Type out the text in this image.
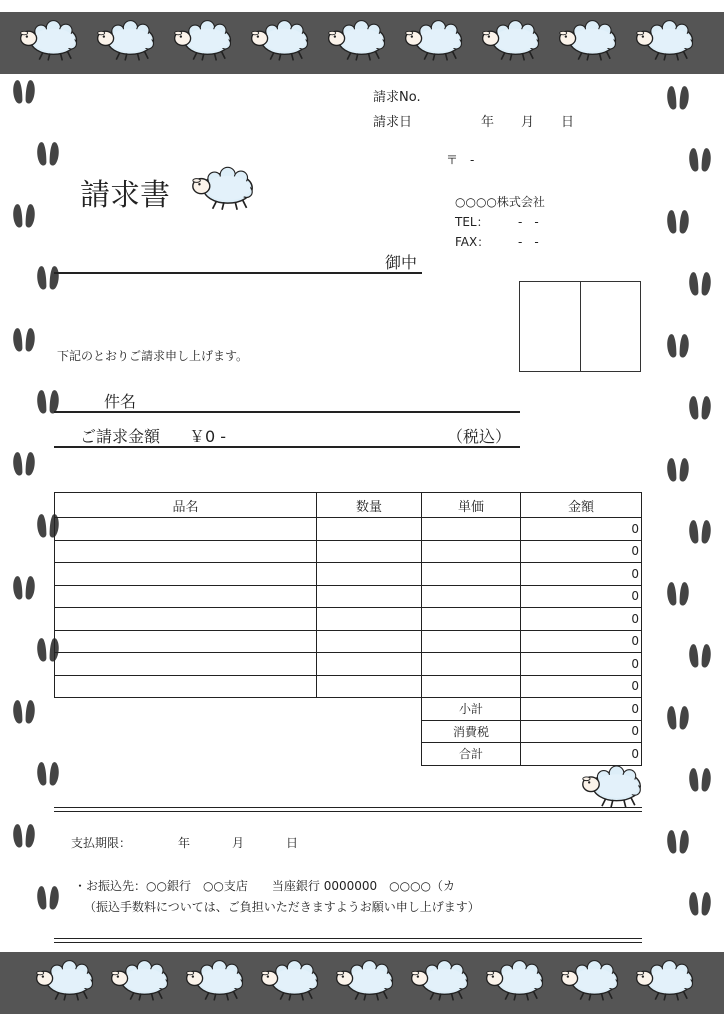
請求No.
請求日	年 月 日
請求書
〒　-
○○○○株式会社
TEL： -　-
FAX： -　-
御中
下記のとおりご請求申し上げます。
件名
ご請求金額 ￥0 -	（税込）
品名	数量	単価	金額
			0
			0
			0
			0
			0
			0
			0
			0
		小計	0
		消費税	0
		合計	0
支払期限：	年	月	日
・お振込先：○○銀行　○○支店　　当座銀行 0000000　○○○○（カ
（振込手数料については、ご負担いただきますようお願い申し上げます）
